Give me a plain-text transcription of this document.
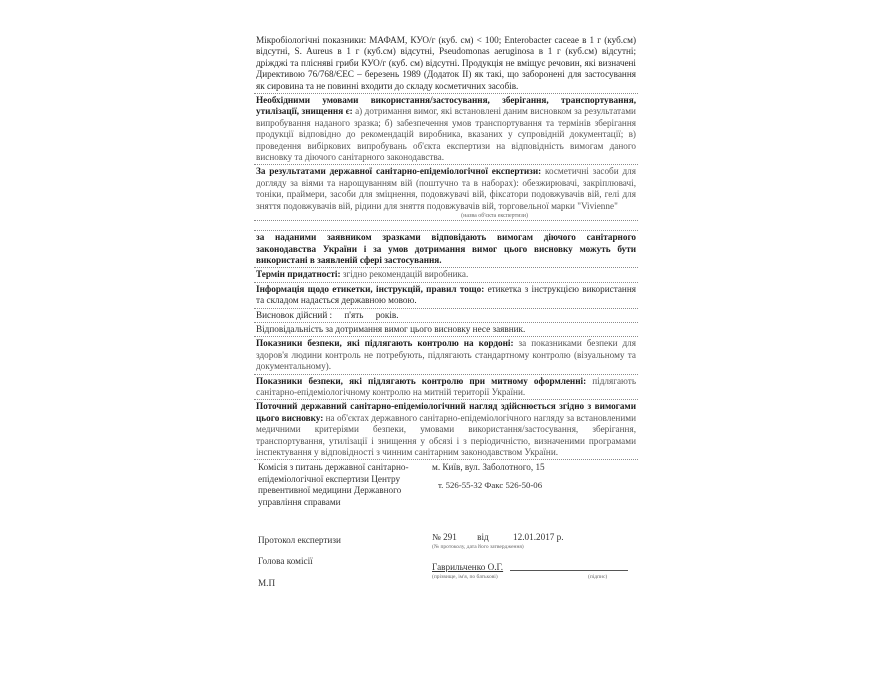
Мікробіологічні показники: МАФАМ, КУО/г (куб. см) < 100; Enterobacter caceae в 1 г (куб.см) відсутні, S. Aureus в 1 г (куб.см) відсутні, Pseudomonas aeruginosa в 1 г (куб.см) відсутні; дріжджі та пліснявi гриби КУО/г (куб. см) відсутні. Продукція не вміщує речовин, які визначені Директивою 76/768/ЄЕС – березень 1989 (Додаток II) як такі, що заборонені для застосування як сировина та не повинні входити до складу косметичних засобів.
Необхідними умовами використання/застосування, зберігання, транспортування, утилізації, знищення є: а) дотримання вимог, які встановлені даним висновком за результатами випробування наданого зразка; б) забезпечення умов транспортування та термінів зберігання продукції відповідно до рекомендацій виробника, вказаних у супровідній документації; в) проведення вибіркових випробувань об'єкта експертизи на відповідність вимогам даного висновку та діючого санітарного законодавства.
За результатами державної санітарно-епідеміологічної експертизи: косметичні засоби для догляду за віями та нарощуванням вій (поштучно та в наборах): обезжирювачі, закріплювачі, тоніки, праймери, засоби для зміцнення, подовжувачі вій, фіксатори подовжувачів вій, гелі для зняття подовжувачів вій, рідини для зняття подовжувачів вій, торговельної марки "Vivienne"
(назва об'єкта експертизи)
за наданими заявником зразками відповідають вимогам діючого санітарного законодавства України і за умов дотримання вимог цього висновку можуть бути використані в заявленій сфері застосування.
Термін придатності: згідно рекомендацій виробника.
Інформація щодо етикетки, інструкцій, правил тощо: етикетка з інструкцією використання та складом надається державною мовою.
Висновок дійсний : п'ять років.
Відповідальність за дотримання вимог цього висновку несе заявник.
Показники безпеки, які підлягають контролю на кордоні: за показниками безпеки для здоров'я людини контроль не потребують, підлягають стандартному контролю (візуальному та документальному).
Показники безпеки, які підлягають контролю при митному оформленні: підлягають санітарно-епідеміологічному контролю на митній території України.
Поточний державний санітарно-епідеміологічний нагляд здійснюється згідно з вимогами цього висновку: на об'єктах державного санітарно-епідеміологічного нагляду за встановленими медичними критеріями безпеки, умовами використання/застосування, зберігання, транспортування, утилізації і знищення у обсязі і з періодичністю, визначеними програмами інспектування у відповідності з чинним санітарним законодавством України.
Комісія з питань державної санітарно-епідеміологічної експертизи Центру превентивної медицини Державного управління справами
м. Київ, вул. Заболотного, 15
т. 526-55-32 Факс 526-50-06
Протокол експертизи	№ 291 від	12.01.2017 р.
(№ протоколу, дата його затвердження)
Голова комісії
Гаврильченко О.Г.
(прізвище, ім'я, по батькові)	(підпис)
М.П
